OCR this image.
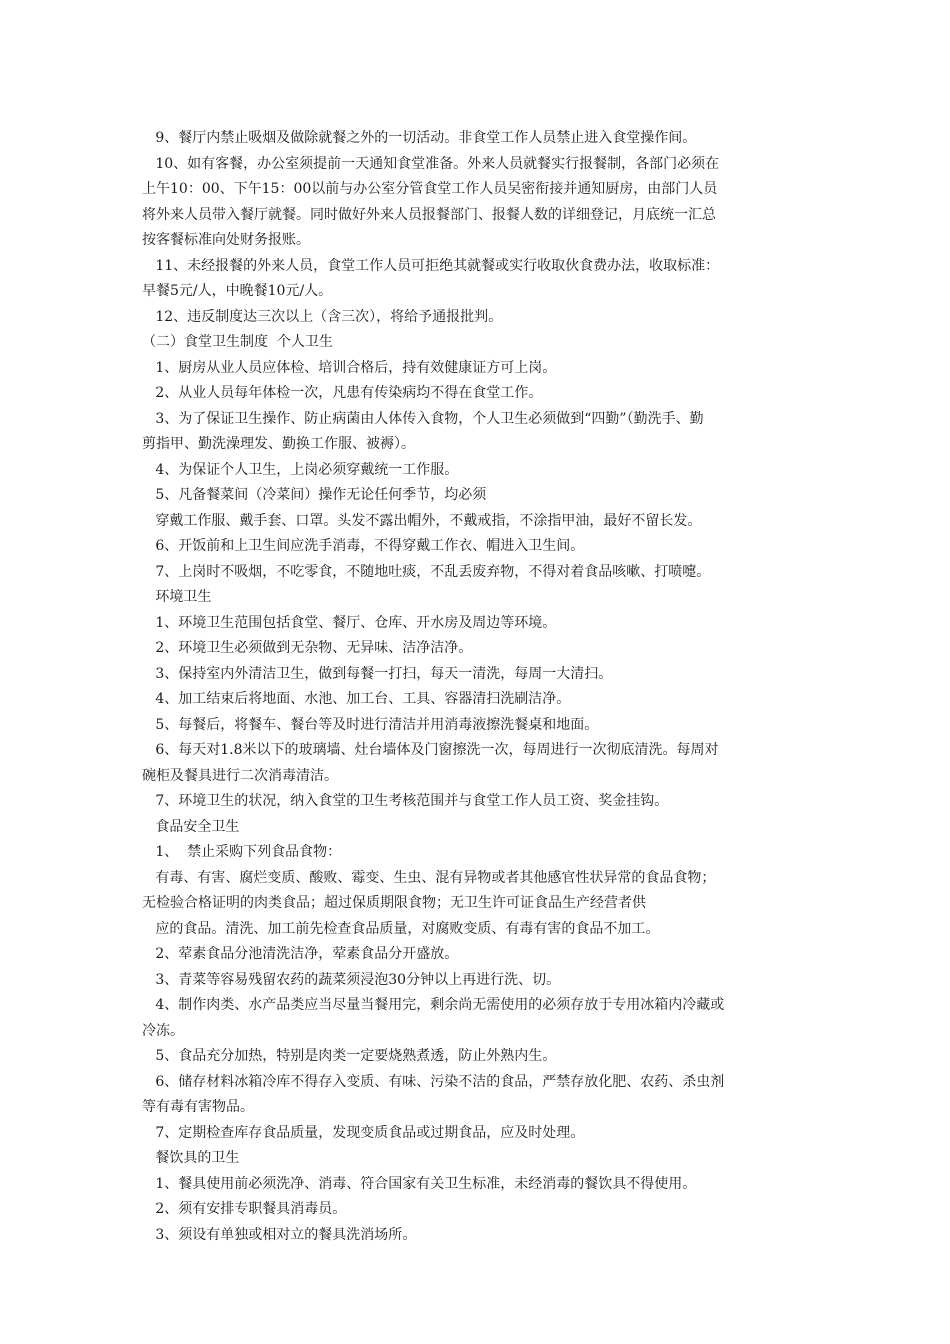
9、餐厅内禁止吸烟及做除就餐之外的一切活动。非食堂工作人员禁止进入食堂操作间。

10、如有客餐，办公室须提前一天通知食堂准备。外来人员就餐实行报餐制，各部门必须在

上午10：00、下午15：00以前与办公室分管食堂工作人员吴密衔接并通知厨房，由部门人员

将外来人员带入餐厅就餐。同时做好外来人员报餐部门、报餐人数的详细登记，月底统一汇总

按客餐标准向处财务报账。

11、未经报餐的外来人员，食堂工作人员可拒绝其就餐或实行收取伙食费办法，收取标准：

早餐5元/人，中晚餐10元/人。

12、违反制度达三次以上（含三次），将给予通报批判。

（二）食堂卫生制度  个人卫生

1、厨房从业人员应体检、培训合格后，持有效健康证方可上岗。

2、从业人员每年体检一次，凡患有传染病均不得在食堂工作。

3、为了保证卫生操作、防止病菌由人体传入食物，个人卫生必须做到“四勤”（勤洗手、勤

剪指甲、勤洗澡理发、勤换工作服、被褥）。

4、为保证个人卫生，上岗必须穿戴统一工作服。

5、凡备餐菜间（冷菜间）操作无论任何季节，均必须

穿戴工作服、戴手套、口罩。头发不露出帽外，不戴戒指，不涂指甲油，最好不留长发。

6、开饭前和上卫生间应洗手消毒，不得穿戴工作衣、帽进入卫生间。

7、上岗时不吸烟，不吃零食，不随地吐痰，不乱丢废弃物，不得对着食品咳嗽、打喷嚏。

环境卫生

1、环境卫生范围包括食堂、餐厅、仓库、开水房及周边等环境。

2、环境卫生必须做到无杂物、无异味、洁净洁净。

3、保持室内外清洁卫生，做到每餐一打扫，每天一清洗，每周一大清扫。

4、加工结束后将地面、水池、加工台、工具、容器清扫洗刷洁净。

5、每餐后，将餐车、餐台等及时进行清洁并用消毒液擦洗餐桌和地面。

6、每天对1.8米以下的玻璃墙、灶台墙体及门窗擦洗一次，每周进行一次彻底清洗。每周对

碗柜及餐具进行二次消毒清洁。

7、环境卫生的状况，纳入食堂的卫生考核范围并与食堂工作人员工资、奖金挂钩。

食品安全卫生

1、  禁止采购下列食品食物：

有毒、有害、腐烂变质、酸败、霉变、生虫、混有异物或者其他感官性状异常的食品食物；

无检验合格证明的肉类食品；超过保质期限食物；无卫生许可证食品生产经营者供

应的食品。清洗、加工前先检查食品质量，对腐败变质、有毒有害的食品不加工。

2、荤素食品分池清洗洁净，荤素食品分开盛放。

3、青菜等容易残留农药的蔬菜须浸泡30分钟以上再进行洗、切。

4、制作肉类、水产品类应当尽量当餐用完，剩余尚无需使用的必须存放于专用冰箱内冷藏或

冷冻。

5、食品充分加热，特别是肉类一定要烧熟煮透，防止外熟内生。

6、储存材料冰箱冷库不得存入变质、有味、污染不洁的食品，严禁存放化肥、农药、杀虫剂

等有毒有害物品。

7、定期检查库存食品质量，发现变质食品或过期食品，应及时处理。

餐饮具的卫生

1、餐具使用前必须洗净、消毒、符合国家有关卫生标准，未经消毒的餐饮具不得使用。

2、须有安排专职餐具消毒员。

3、须设有单独或相对立的餐具洗消场所。
